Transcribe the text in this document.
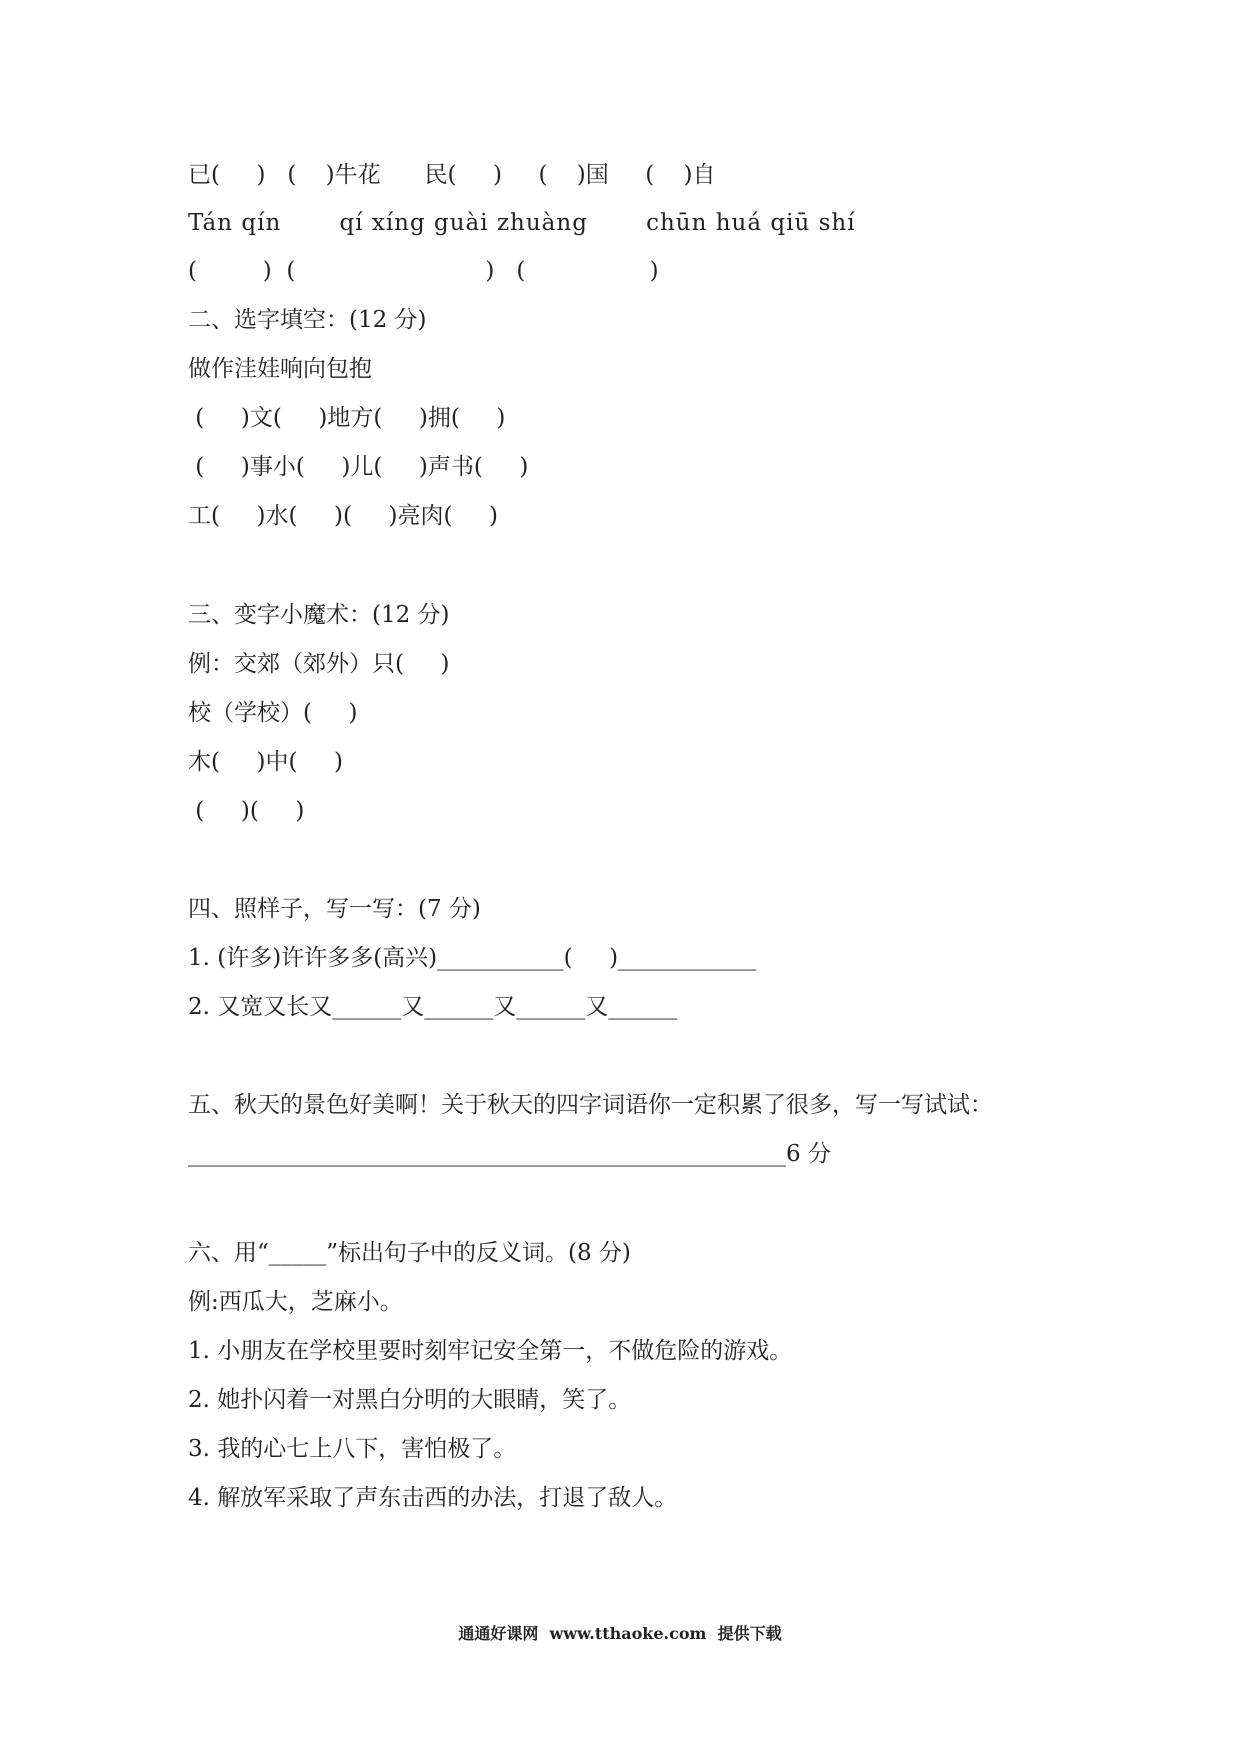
已(     )   (    )牛花      民(     )     (    )国     (    )自

Tán qín       qí xíng guài zhuàng       chūn huá qiū shí

(         )  (                          )   (                 )

二、选字填空：(12 分)

做作洼娃响向包抱

(     )文(     )地方(     )拥(     )

(     )事小(     )儿(     )声书(     )

工(     )水(     )(     )亮肉(     )

三、变字小魔术：(12 分)

例：交郊（郊外）只(     )

校（学校）(     )

木(     )中(     )

(     )(     )

四、照样子，写一写：(7 分)

1. (许多)许许多多(高兴)___________(     )____________

2. 又宽又长又______又______又______又______

五、秋天的景色好美啊！关于秋天的四字词语你一定积累了很多，写一写试试：

____________________________________________________6 分

六、用“_____”标出句子中的反义词。(8 分)

例:西瓜大，芝麻小。

1. 小朋友在学校里要时刻牢记安全第一，不做危险的游戏。

2. 她扑闪着一对黑白分明的大眼睛，笑了。

3. 我的心七上八下，害怕极了。

4. 解放军采取了声东击西的办法，打退了敌人。

通通好课网  www.tthaoke.com  提供下载
